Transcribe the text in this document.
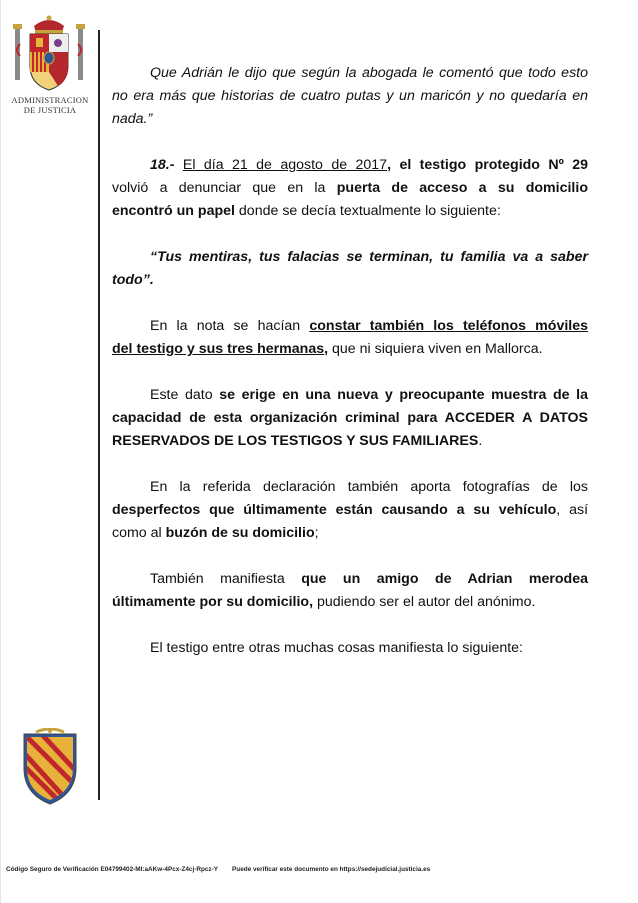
ADMINISTRACION
DE JUSTICIA

Que Adrián le dijo que según la abogada le comentó que todo esto
no era más que historias de cuatro putas y un maricón y no quedaría en
nada.”

18.- El día 21 de agosto de 2017, el testigo protegido Nº 29
volvió a denunciar que en la puerta de acceso a su domicilio
encontró un papel donde se decía textualmente lo siguiente:

“Tus mentiras, tus falacias se terminan, tu familia va a saber
todo”.

En la nota se hacían constar también los teléfonos móviles
del testigo y sus tres hermanas, que ni siquiera viven en Mallorca.

Este dato se erige en una nueva y preocupante muestra de la
capacidad de esta organización criminal para ACCEDER A DATOS
RESERVADOS DE LOS TESTIGOS Y SUS FAMILIARES.

En la referida declaración también aporta fotografías de los
desperfectos que últimamente están causando a su vehículo, así
como al buzón de su domicilio;

También manifiesta que un amigo de Adrian merodea
últimamente por su domicilio, pudiendo ser el autor del anónimo.

El testigo entre otras muchas cosas manifiesta lo siguiente:

Código Seguro de Verificación E04799402-MI:aAKw-4Pcx-Z4cj-Rpcz-Y Puede verificar este documento en https://sedejudicial.justicia.es
